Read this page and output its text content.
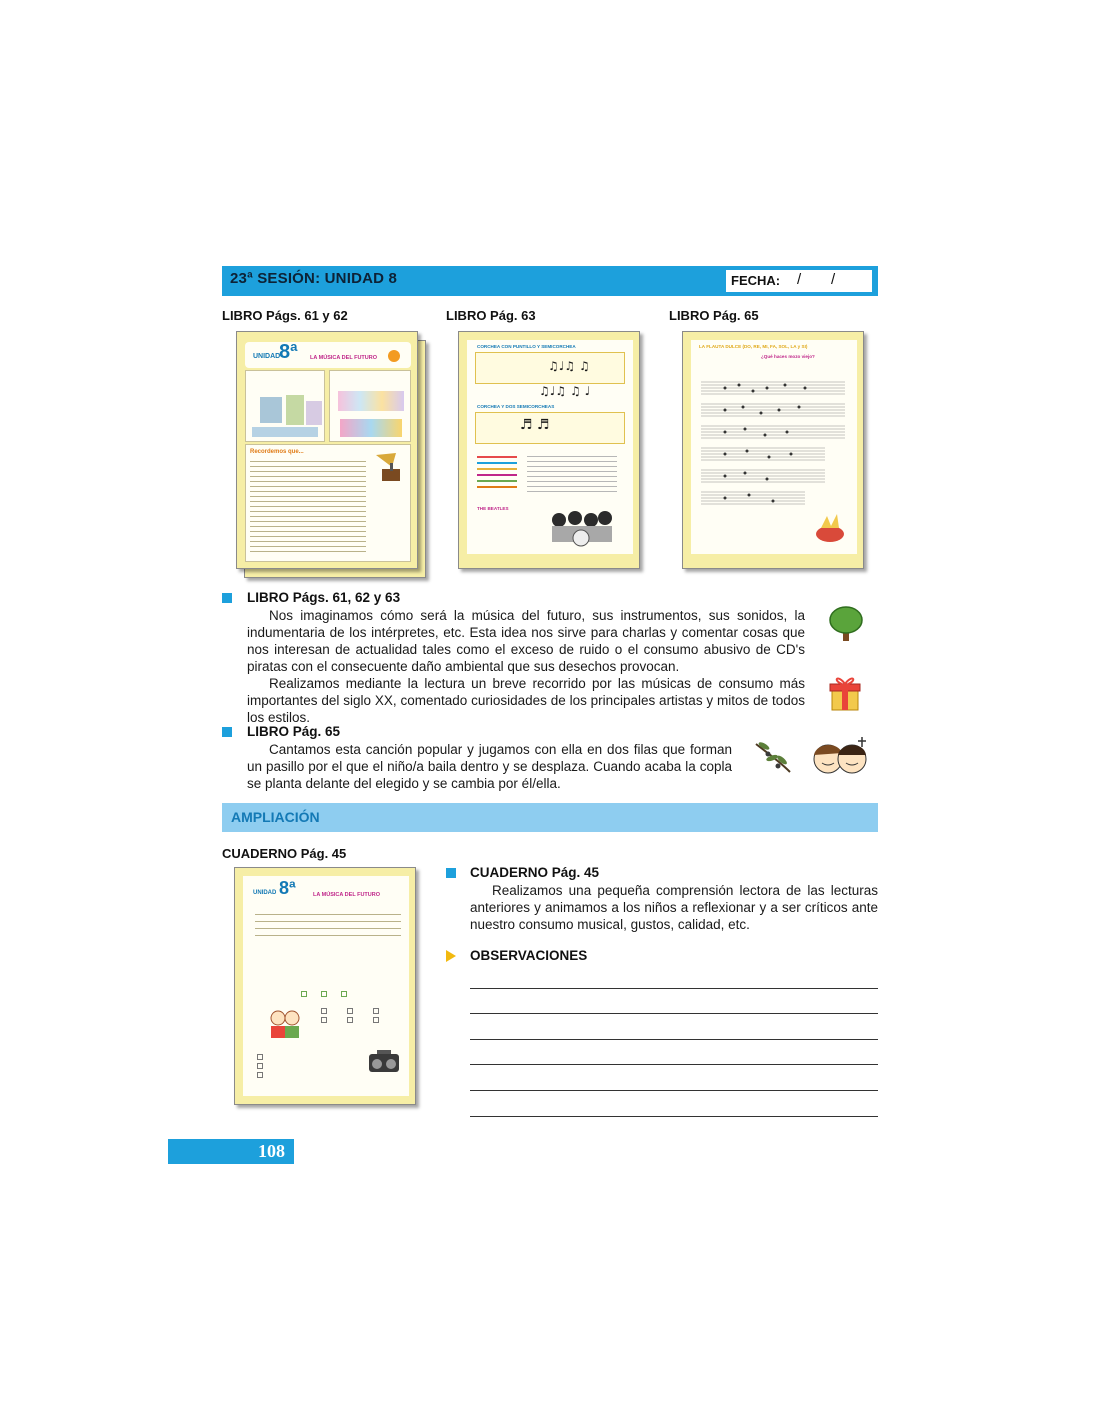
23ª SESIÓN: UNIDAD 8	FECHA: / /
LIBRO Págs. 61 y 62	LIBRO Pág. 63	LIBRO Pág. 65
UNIDAD
8ª LA MÚSICA DEL FUTURO
Recordemos que...
CORCHEA CON PUNTILLO Y SEMICORCHEA
♫♩♫ ♫
♫♩♫ ♫ ♩
CORCHEA Y DOS SEMICORCHEAS
♬ ♬
THE BEATLES
LA FLAUTA DULCE (DO, RE, MI, FA, SOL, LA y SI)
¿Qué haces mozo viejo?
LIBRO Págs. 61, 62 y 63

Nos imaginamos cómo será la música del futuro, sus instrumentos, sus sonidos, la indumentaria de los intérpretes, etc. Esta idea nos sirve para charlas y comentar cosas que nos interesan de actualidad tales como el exceso de ruido o el consumo abusivo de CD's piratas con el consecuente daño ambiental que sus desechos provocan.

Realizamos mediante la lectura un breve recorrido por las músicas de consumo más importantes del siglo XX, comentado curiosidades de los principales artistas y mitos de todos los estilos.

LIBRO Pág. 65

Cantamos esta canción popular y jugamos con ella en dos filas que forman un pasillo por el que el niño/a baila dentro y se desplaza. Cuando acaba la copla se planta delante del elegido y se cambia por él/ella.

AMPLIACIÓN
CUADERNO Pág. 45
UNIDAD 8ª	LA MÚSICA DEL FUTURO
CUADERNO Pág. 45

Realizamos una pequeña comprensión lectora de las lecturas anteriores y animamos a los niños a reflexionar y a ser críticos ante nuestro consumo musical, gustos, calidad, etc.

OBSERVACIONES
108
